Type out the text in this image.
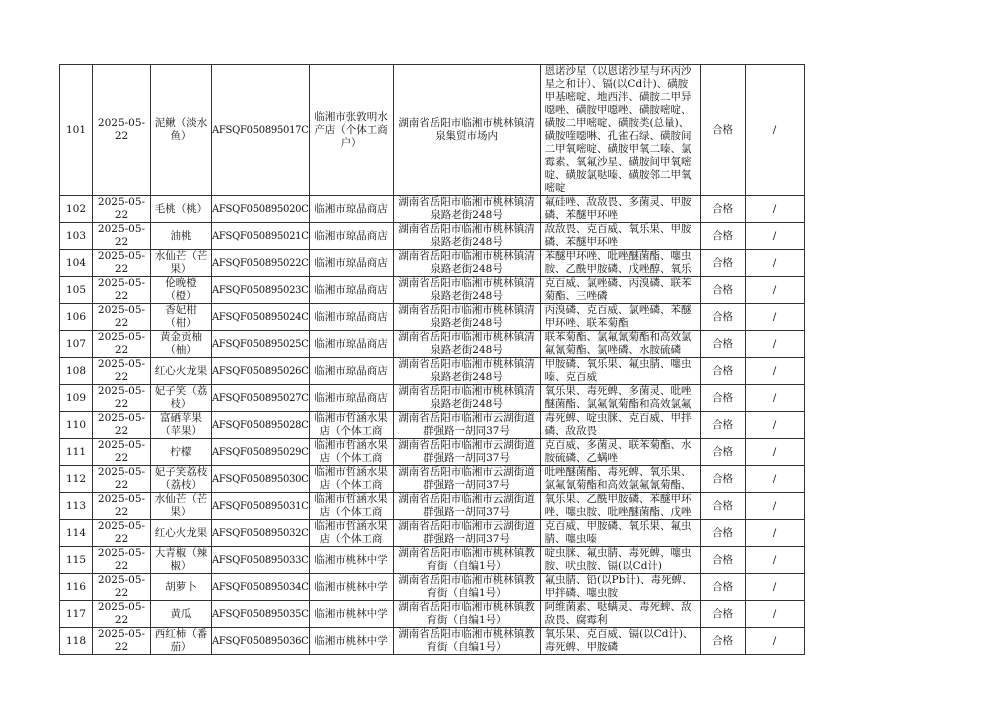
101	2025-05-22	泥鳅（淡水鱼）	AFSQF050895017C	临湘市张敦明水产店（个体工商户）	湖南省岳阳市临湘市桃林镇清泉集贸市场内	恩诺沙星（以恩诺沙星与环丙沙星之和计）、镉(以Cd计)、磺胺甲基嘧啶、地西泮、磺胺二甲异噁唑、磺胺甲噁唑、磺胺嘧啶、磺胺二甲嘧啶、磺胺类(总量)、磺胺喹噁啉、孔雀石绿、磺胺间二甲氧嘧啶、磺胺甲氧二嗪、氯霉素、氧氟沙星、磺胺间甲氧嘧啶、磺胺氯哒嗪、磺胺邻二甲氧嘧啶	合格	/

102	2025-05-22	毛桃（桃）	AFSQF050895020C	临湘市琼晶商店	湖南省岳阳市临湘市桃林镇清泉路老街248号	氟硅唑、敌敌畏、多菌灵、甲胺磷、苯醚甲环唑	合格	/

103	2025-05-22	油桃	AFSQF050895021C	临湘市琼晶商店	湖南省岳阳市临湘市桃林镇清泉路老街248号	敌敌畏、克百威、氧乐果、甲胺磷、苯醚甲环唑	合格	/

104	2025-05-22	水仙芒（芒果）	AFSQF050895022C	临湘市琼晶商店	湖南省岳阳市临湘市桃林镇清泉路老街248号	苯醚甲环唑、吡唑醚菌酯、噻虫胺、乙酰甲胺磷、戊唑醇、氧乐	合格	/

105	2025-05-22	伦晚橙（橙）	AFSQF050895023C	临湘市琼晶商店	湖南省岳阳市临湘市桃林镇清泉路老街248号	克百威、氯唑磷、丙溴磷、联苯菊酯、三唑磷	合格	/

106	2025-05-22	香妃柑（柑）	AFSQF050895024C	临湘市琼晶商店	湖南省岳阳市临湘市桃林镇清泉路老街248号	丙溴磷、克百威、氯唑磷、苯醚甲环唑、联苯菊酯	合格	/

107	2025-05-22	黄金贡柚（柚）	AFSQF050895025C	临湘市琼晶商店	湖南省岳阳市临湘市桃林镇清泉路老街248号	联苯菊酯、氯氟氰菊酯和高效氯氟氰菊酯、氯唑磷、水胺硫磷	合格	/

108	2025-05-22	红心火龙果	AFSQF050895026C	临湘市琼晶商店	湖南省岳阳市临湘市桃林镇清泉路老街248号	甲胺磷、氧乐果、氟虫腈、噻虫嗪、克百威	合格	/

109	2025-05-22	妃子笑（荔枝）	AFSQF050895027C	临湘市琼晶商店	湖南省岳阳市临湘市桃林镇清泉路老街248号	氧乐果、毒死蜱、多菌灵、吡唑醚菌酯、氯氟氰菊酯和高效氯氟	合格	/

110	2025-05-22	富硒苹果（苹果）	AFSQF050895028C	临湘市哲涵水果店（个体工商	湖南省岳阳市临湘市云湖街道群强路一胡同37号	毒死蜱、啶虫脒、克百威、甲拌磷、敌敌畏	合格	/

111	2025-05-22	柠檬	AFSQF050895029C	临湘市哲涵水果店（个体工商	湖南省岳阳市临湘市云湖街道群强路一胡同37号	克百威、多菌灵、联苯菊酯、水胺硫磷、乙螨唑	合格	/

112	2025-05-22	妃子笑荔枝（荔枝）	AFSQF050895030C	临湘市哲涵水果店（个体工商	湖南省岳阳市临湘市云湖街道群强路一胡同37号	吡唑醚菌酯、毒死蜱、氧乐果、氯氟氰菊酯和高效氯氟氰菊酯、	合格	/

113	2025-05-22	水仙芒（芒果）	AFSQF050895031C	临湘市哲涵水果店（个体工商	湖南省岳阳市临湘市云湖街道群强路一胡同37号	氧乐果、乙酰甲胺磷、苯醚甲环唑、噻虫胺、吡唑醚菌酯、戊唑	合格	/

114	2025-05-22	红心火龙果	AFSQF050895032C	临湘市哲涵水果店（个体工商	湖南省岳阳市临湘市云湖街道群强路一胡同37号	克百威、甲胺磷、氧乐果、氟虫腈、噻虫嗪	合格	/

115	2025-05-22	大青椒（辣椒）	AFSQF050895033C	临湘市桃林中学	湖南省岳阳市临湘市桃林镇教育街（自编1号）	啶虫脒、氟虫腈、毒死蜱、噻虫胺、吠虫胺、镉(以Cd计)	合格	/

116	2025-05-22	胡萝卜	AFSQF050895034C	临湘市桃林中学	湖南省岳阳市临湘市桃林镇教育街（自编1号）	氟虫腈、铅(以Pb计)、毒死蜱、甲拌磷、噻虫胺	合格	/

117	2025-05-22	黄瓜	AFSQF050895035C	临湘市桃林中学	湖南省岳阳市临湘市桃林镇教育街（自编1号）	阿维菌素、哒螨灵、毒死蜱、敌敌畏、腐霉利	合格	/

118	2025-05-22	西红柿（番茄）	AFSQF050895036C	临湘市桃林中学	湖南省岳阳市临湘市桃林镇教育街（自编1号）	氧乐果、克百威、镉(以Cd计)、毒死蜱、甲胺磷	合格	/
